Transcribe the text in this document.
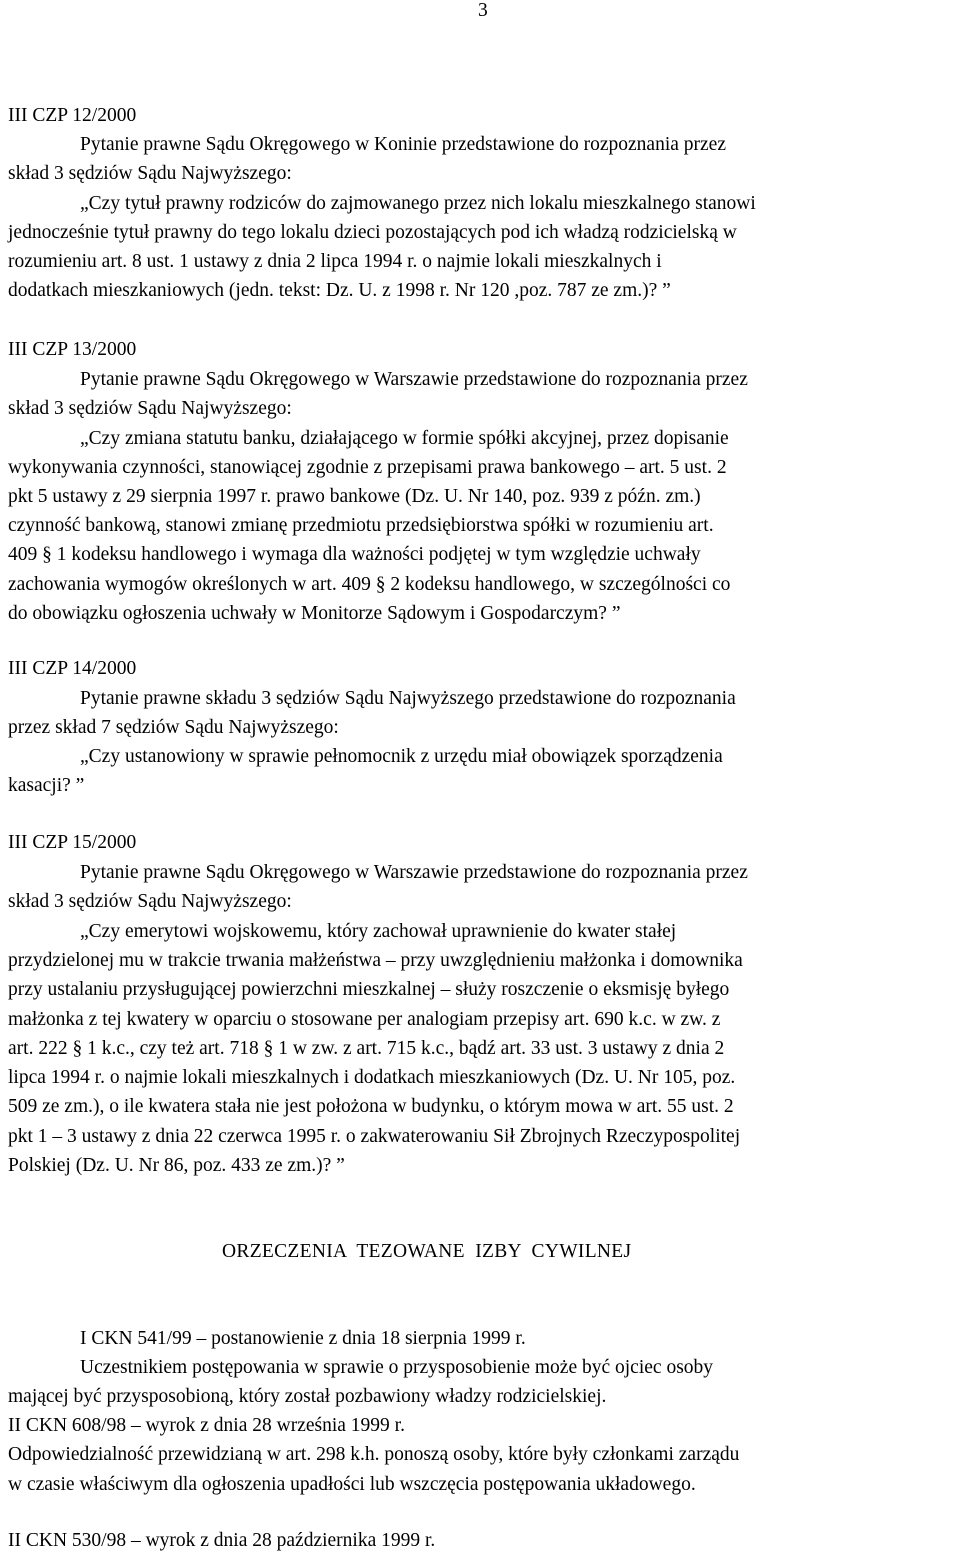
3
III CZP 12/2000
Pytanie prawne Sądu Okręgowego w Koninie przedstawione do rozpoznania przez
skład 3 sędziów Sądu Najwyższego:
„Czy tytuł prawny rodziców do zajmowanego przez nich lokalu mieszkalnego stanowi
jednocześnie tytuł prawny do tego lokalu dzieci pozostających pod ich władzą rodzicielską w
rozumieniu art. 8 ust. 1 ustawy z dnia 2 lipca 1994 r. o najmie lokali mieszkalnych i
dodatkach mieszkaniowych (jedn. tekst: Dz. U. z 1998 r. Nr 120 ,poz. 787 ze zm.)? ”
III CZP 13/2000
Pytanie prawne Sądu Okręgowego w Warszawie przedstawione do rozpoznania przez
skład 3 sędziów Sądu Najwyższego:
„Czy zmiana statutu banku, działającego w formie spółki akcyjnej, przez dopisanie
wykonywania czynności, stanowiącej zgodnie z przepisami prawa bankowego – art. 5 ust. 2
pkt 5 ustawy z 29 sierpnia 1997 r. prawo bankowe (Dz. U. Nr 140, poz. 939 z późn. zm.)
czynność bankową, stanowi zmianę przedmiotu przedsiębiorstwa spółki w rozumieniu art.
409 § 1 kodeksu handlowego i wymaga dla ważności podjętej w tym względzie uchwały
zachowania wymogów określonych w art. 409 § 2 kodeksu handlowego, w szczególności co
do obowiązku ogłoszenia uchwały w Monitorze Sądowym i Gospodarczym? ”
III CZP 14/2000
Pytanie prawne składu 3 sędziów Sądu Najwyższego przedstawione do rozpoznania
przez skład 7 sędziów Sądu Najwyższego:
„Czy ustanowiony w sprawie pełnomocnik z urzędu miał obowiązek sporządzenia
kasacji? ”
III CZP 15/2000
Pytanie prawne Sądu Okręgowego w Warszawie przedstawione do rozpoznania przez
skład 3 sędziów Sądu Najwyższego:
„Czy emerytowi wojskowemu, który zachował uprawnienie do kwater stałej
przydzielonej mu w trakcie trwania małżeństwa – przy uwzględnieniu małżonka i domownika
przy ustalaniu przysługującej powierzchni mieszkalnej – służy roszczenie o eksmisję byłego
małżonka z tej kwatery w oparciu o stosowane per analogiam przepisy art. 690 k.c. w zw. z
art. 222 § 1 k.c., czy też art. 718 § 1 w zw. z art. 715 k.c., bądź art. 33 ust. 3 ustawy z dnia 2
lipca 1994 r. o najmie lokali mieszkalnych i dodatkach mieszkaniowych (Dz. U. Nr 105, poz.
509 ze zm.), o ile kwatera stała nie jest położona w budynku, o którym mowa w art. 55 ust. 2
pkt 1 – 3 ustawy z dnia 22 czerwca 1995 r. o zakwaterowaniu Sił Zbrojnych Rzeczypospolitej
Polskiej (Dz. U. Nr 86, poz. 433 ze zm.)? ”
ORZECZENIA  TEZOWANE  IZBY  CYWILNEJ
I CKN 541/99 – postanowienie z dnia 18 sierpnia 1999 r.
Uczestnikiem postępowania w sprawie o przysposobienie może być ojciec osoby
mającej być przysposobioną, który został pozbawiony władzy rodzicielskiej.
II CKN 608/98 – wyrok z dnia 28 września 1999 r.
Odpowiedzialność przewidzianą w art. 298 k.h. ponoszą osoby, które były członkami zarządu
w czasie właściwym dla ogłoszenia upadłości lub wszczęcia postępowania układowego.
II CKN 530/98 – wyrok z dnia 28 października 1999 r.
